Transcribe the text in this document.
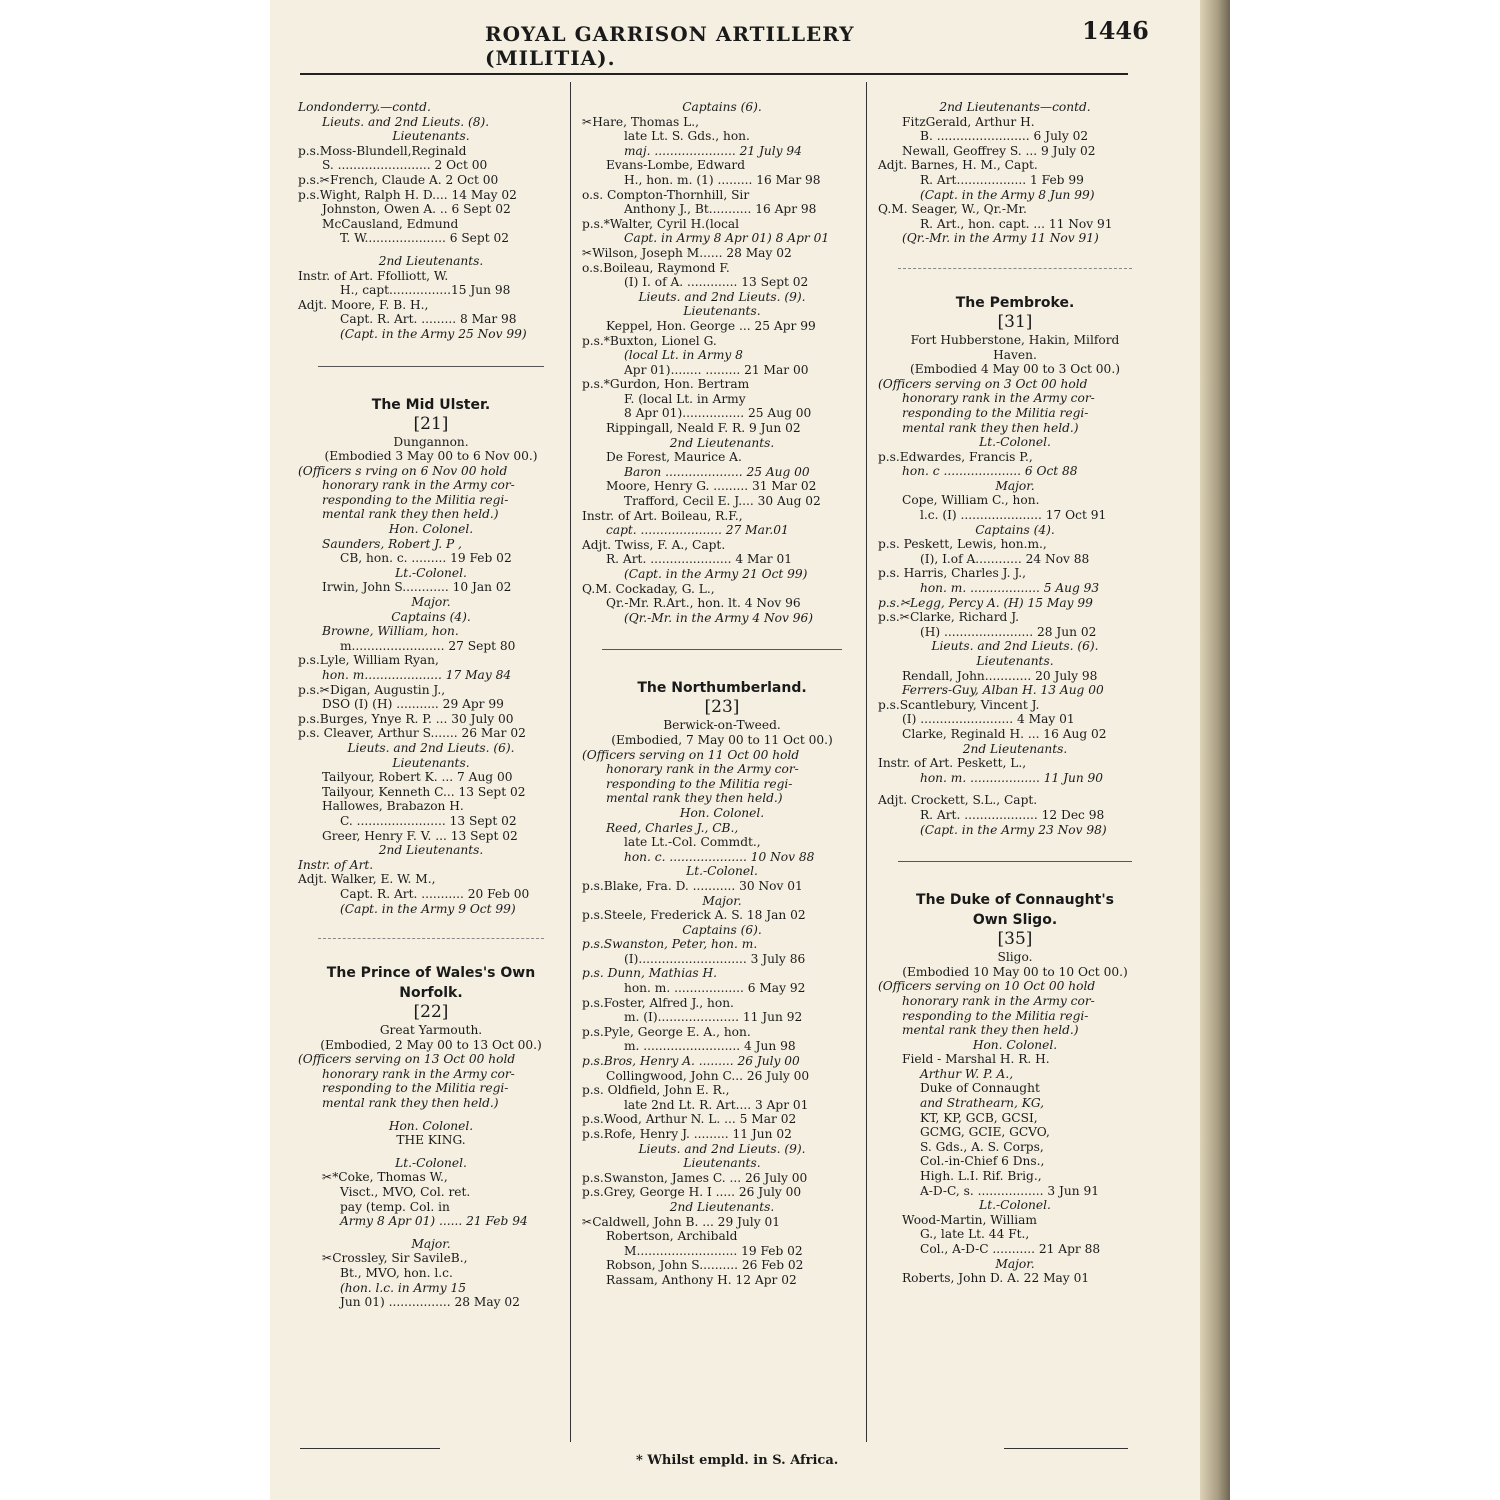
ROYAL GARRISON ARTILLERY (MILITIA).
1446
Londonderry.—contd.
Lieuts. and 2nd Lieuts. (8).
Lieutenants.
p.s.Moss-Blundell,Reginald
S. ........................ 2 Oct 00
p.s.✂French, Claude A. 2 Oct 00
p.s.Wight, Ralph H. D.... 14 May 02
Johnston, Owen A. .. 6 Sept 02
McCausland, Edmund
T. W..................... 6 Sept 02
2nd Lieutenants.
Instr. of Art. Ffolliott, W.
H., capt................15 Jun 98
Adjt. Moore, F. B. H.,
Capt. R. Art. ......... 8 Mar 98
(Capt. in the Army 25 Nov 99)
The Mid Ulster.
[21]
Dungannon.
(Embodied 3 May 00 to 6 Nov 00.)
(Officers s rving on 6 Nov 00 hold
honorary rank in the Army cor-
responding to the Militia regi-
mental rank they then held.)
Hon. Colonel.
Saunders, Robert J. P ,
CB, hon. c. ......... 19 Feb 02
Lt.-Colonel.
Irwin, John S............ 10 Jan 02
Major.
Captains (4).
Browne, William, hon.
m........................ 27 Sept 80
p.s.Lyle, William Ryan,
hon. m.................... 17 May 84
p.s.✂Digan, Augustin J.,
DSO (I) (H) ........... 29 Apr 99
p.s.Burges, Ynye R. P. ... 30 July 00
p.s. Cleaver, Arthur S....... 26 Mar 02
Lieuts. and 2nd Lieuts. (6).
Lieutenants.
Tailyour, Robert K. ... 7 Aug 00
Tailyour, Kenneth C... 13 Sept 02
Hallowes, Brabazon H.
C. ....................... 13 Sept 02
Greer, Henry F. V. ... 13 Sept 02
2nd Lieutenants.
Instr. of Art.
Adjt. Walker, E. W. M.,
Capt. R. Art. ........... 20 Feb 00
(Capt. in the Army 9 Oct 99)
The Prince of Wales's Own
Norfolk.
[22]
Great Yarmouth.
(Embodied, 2 May 00 to 13 Oct 00.)
(Officers serving on 13 Oct 00 hold
honorary rank in the Army cor-
responding to the Militia regi-
mental rank they then held.)
Hon. Colonel.
THE KING.
Lt.-Colonel.
✂*Coke, Thomas W.,
Visct., MVO, Col. ret.
pay (temp. Col. in
Army 8 Apr 01) ...... 21 Feb 94
Major.
✂Crossley, Sir SavileB.,
Bt., MVO, hon. l.c.
(hon. l.c. in Army 15
Jun 01) ................ 28 May 02
Captains (6).
✂Hare, Thomas L.,
late Lt. S. Gds., hon.
maj. ..................... 21 July 94
Evans-Lombe, Edward
H., hon. m. (1) ......... 16 Mar 98
o.s. Compton-Thornhill, Sir
Anthony J., Bt........... 16 Apr 98
p.s.*Walter, Cyril H.(local
Capt. in Army 8 Apr 01) 8 Apr 01
✂Wilson, Joseph M...... 28 May 02
o.s.Boileau, Raymond F.
(I) I. of A. ............. 13 Sept 02
Lieuts. and 2nd Lieuts. (9).
Lieutenants.
Keppel, Hon. George ... 25 Apr 99
p.s.*Buxton, Lionel G.
(local Lt. in Army 8
Apr 01)........ ......... 21 Mar 00
p.s.*Gurdon, Hon. Bertram
F. (local Lt. in Army
8 Apr 01)................ 25 Aug 00
Rippingall, Neald F. R. 9 Jun 02
2nd Lieutenants.
De Forest, Maurice A.
Baron .................... 25 Aug 00
Moore, Henry G. ......... 31 Mar 02
Trafford, Cecil E. J.... 30 Aug 02
Instr. of Art. Boileau, R.F.,
capt. ..................... 27 Mar.01
Adjt. Twiss, F. A., Capt.
R. Art. ..................... 4 Mar 01
(Capt. in the Army 21 Oct 99)
Q.M. Cockaday, G. L.,
Qr.-Mr. R.Art., hon. lt. 4 Nov 96
(Qr.-Mr. in the Army 4 Nov 96)
The Northumberland.
[23]
Berwick-on-Tweed.
(Embodied, 7 May 00 to 11 Oct 00.)
(Officers serving on 11 Oct 00 hold
honorary rank in the Army cor-
responding to the Militia regi-
mental rank they then held.)
Hon. Colonel.
Reed, Charles J., CB.,
late Lt.-Col. Commdt.,
hon. c. .................... 10 Nov 88
Lt.-Colonel.
p.s.Blake, Fra. D. ........... 30 Nov 01
Major.
p.s.Steele, Frederick A. S. 18 Jan 02
Captains (6).
p.s.Swanston, Peter, hon. m.
(I)............................ 3 July 86
p.s. Dunn, Mathias H.
hon. m. .................. 6 May 92
p.s.Foster, Alfred J., hon.
m. (I)..................... 11 Jun 92
p.s.Pyle, George E. A., hon.
m. ......................... 4 Jun 98
p.s.Bros, Henry A. ......... 26 July 00
Collingwood, John C... 26 July 00
p.s. Oldfield, John E. R.,
late 2nd Lt. R. Art.... 3 Apr 01
p.s.Wood, Arthur N. L. ... 5 Mar 02
p.s.Rofe, Henry J. ......... 11 Jun 02
Lieuts. and 2nd Lieuts. (9).
Lieutenants.
p.s.Swanston, James C. ... 26 July 00
p.s.Grey, George H. I ..... 26 July 00
2nd Lieutenants.
✂Caldwell, John B. ... 29 July 01
Robertson, Archibald
M.......................... 19 Feb 02
Robson, John S.......... 26 Feb 02
Rassam, Anthony H. 12 Apr 02
2nd Lieutenants—contd.
FitzGerald, Arthur H.
B. ........................ 6 July 02
Newall, Geoffrey S. ... 9 July 02
Adjt. Barnes, H. M., Capt.
R. Art.................. 1 Feb 99
(Capt. in the Army 8 Jun 99)
Q.M. Seager, W., Qr.-Mr.
R. Art., hon. capt. ... 11 Nov 91
(Qr.-Mr. in the Army 11 Nov 91)
The Pembroke.
[31]
Fort Hubberstone, Hakin, Milford
Haven.
(Embodied 4 May 00 to 3 Oct 00.)
(Officers serving on 3 Oct 00 hold
honorary rank in the Army cor-
responding to the Militia regi-
mental rank they then held.)
Lt.-Colonel.
p.s.Edwardes, Francis P.,
hon. c .................... 6 Oct 88
Major.
Cope, William C., hon.
l.c. (I) ..................... 17 Oct 91
Captains (4).
p.s. Peskett, Lewis, hon.m.,
(I), I.of A............ 24 Nov 88
p.s. Harris, Charles J. J.,
hon. m. .................. 5 Aug 93
p.s.✂Legg, Percy A. (H) 15 May 99
p.s.✂Clarke, Richard J.
(H) ....................... 28 Jun 02
Lieuts. and 2nd Lieuts. (6).
Lieutenants.
Rendall, John............ 20 July 98
Ferrers-Guy, Alban H. 13 Aug 00
p.s.Scantlebury, Vincent J.
(I) ........................ 4 May 01
Clarke, Reginald H. ... 16 Aug 02
2nd Lieutenants.
Instr. of Art. Peskett, L.,
hon. m. .................. 11 Jun 90
Adjt. Crockett, S.L., Capt.
R. Art. ................... 12 Dec 98
(Capt. in the Army 23 Nov 98)
The Duke of Connaught's
Own Sligo.
[35]
Sligo.
(Embodied 10 May 00 to 10 Oct 00.)
(Officers serving on 10 Oct 00 hold
honorary rank in the Army cor-
responding to the Militia regi-
mental rank they then held.)
Hon. Colonel.
Field - Marshal H. R. H.
Arthur W. P. A.,
Duke of Connaught
and Strathearn, KG,
KT, KP, GCB, GCSI,
GCMG, GCIE, GCVO,
S. Gds., A. S. Corps,
Col.-in-Chief 6 Dns.,
High. L.I. Rif. Brig.,
A-D-C, s. ................. 3 Jun 91
Lt.-Colonel.
Wood-Martin, William
G., late Lt. 44 Ft.,
Col., A-D-C ........... 21 Apr 88
Major.
Roberts, John D. A. 22 May 01
* Whilst empld. in S. Africa.
